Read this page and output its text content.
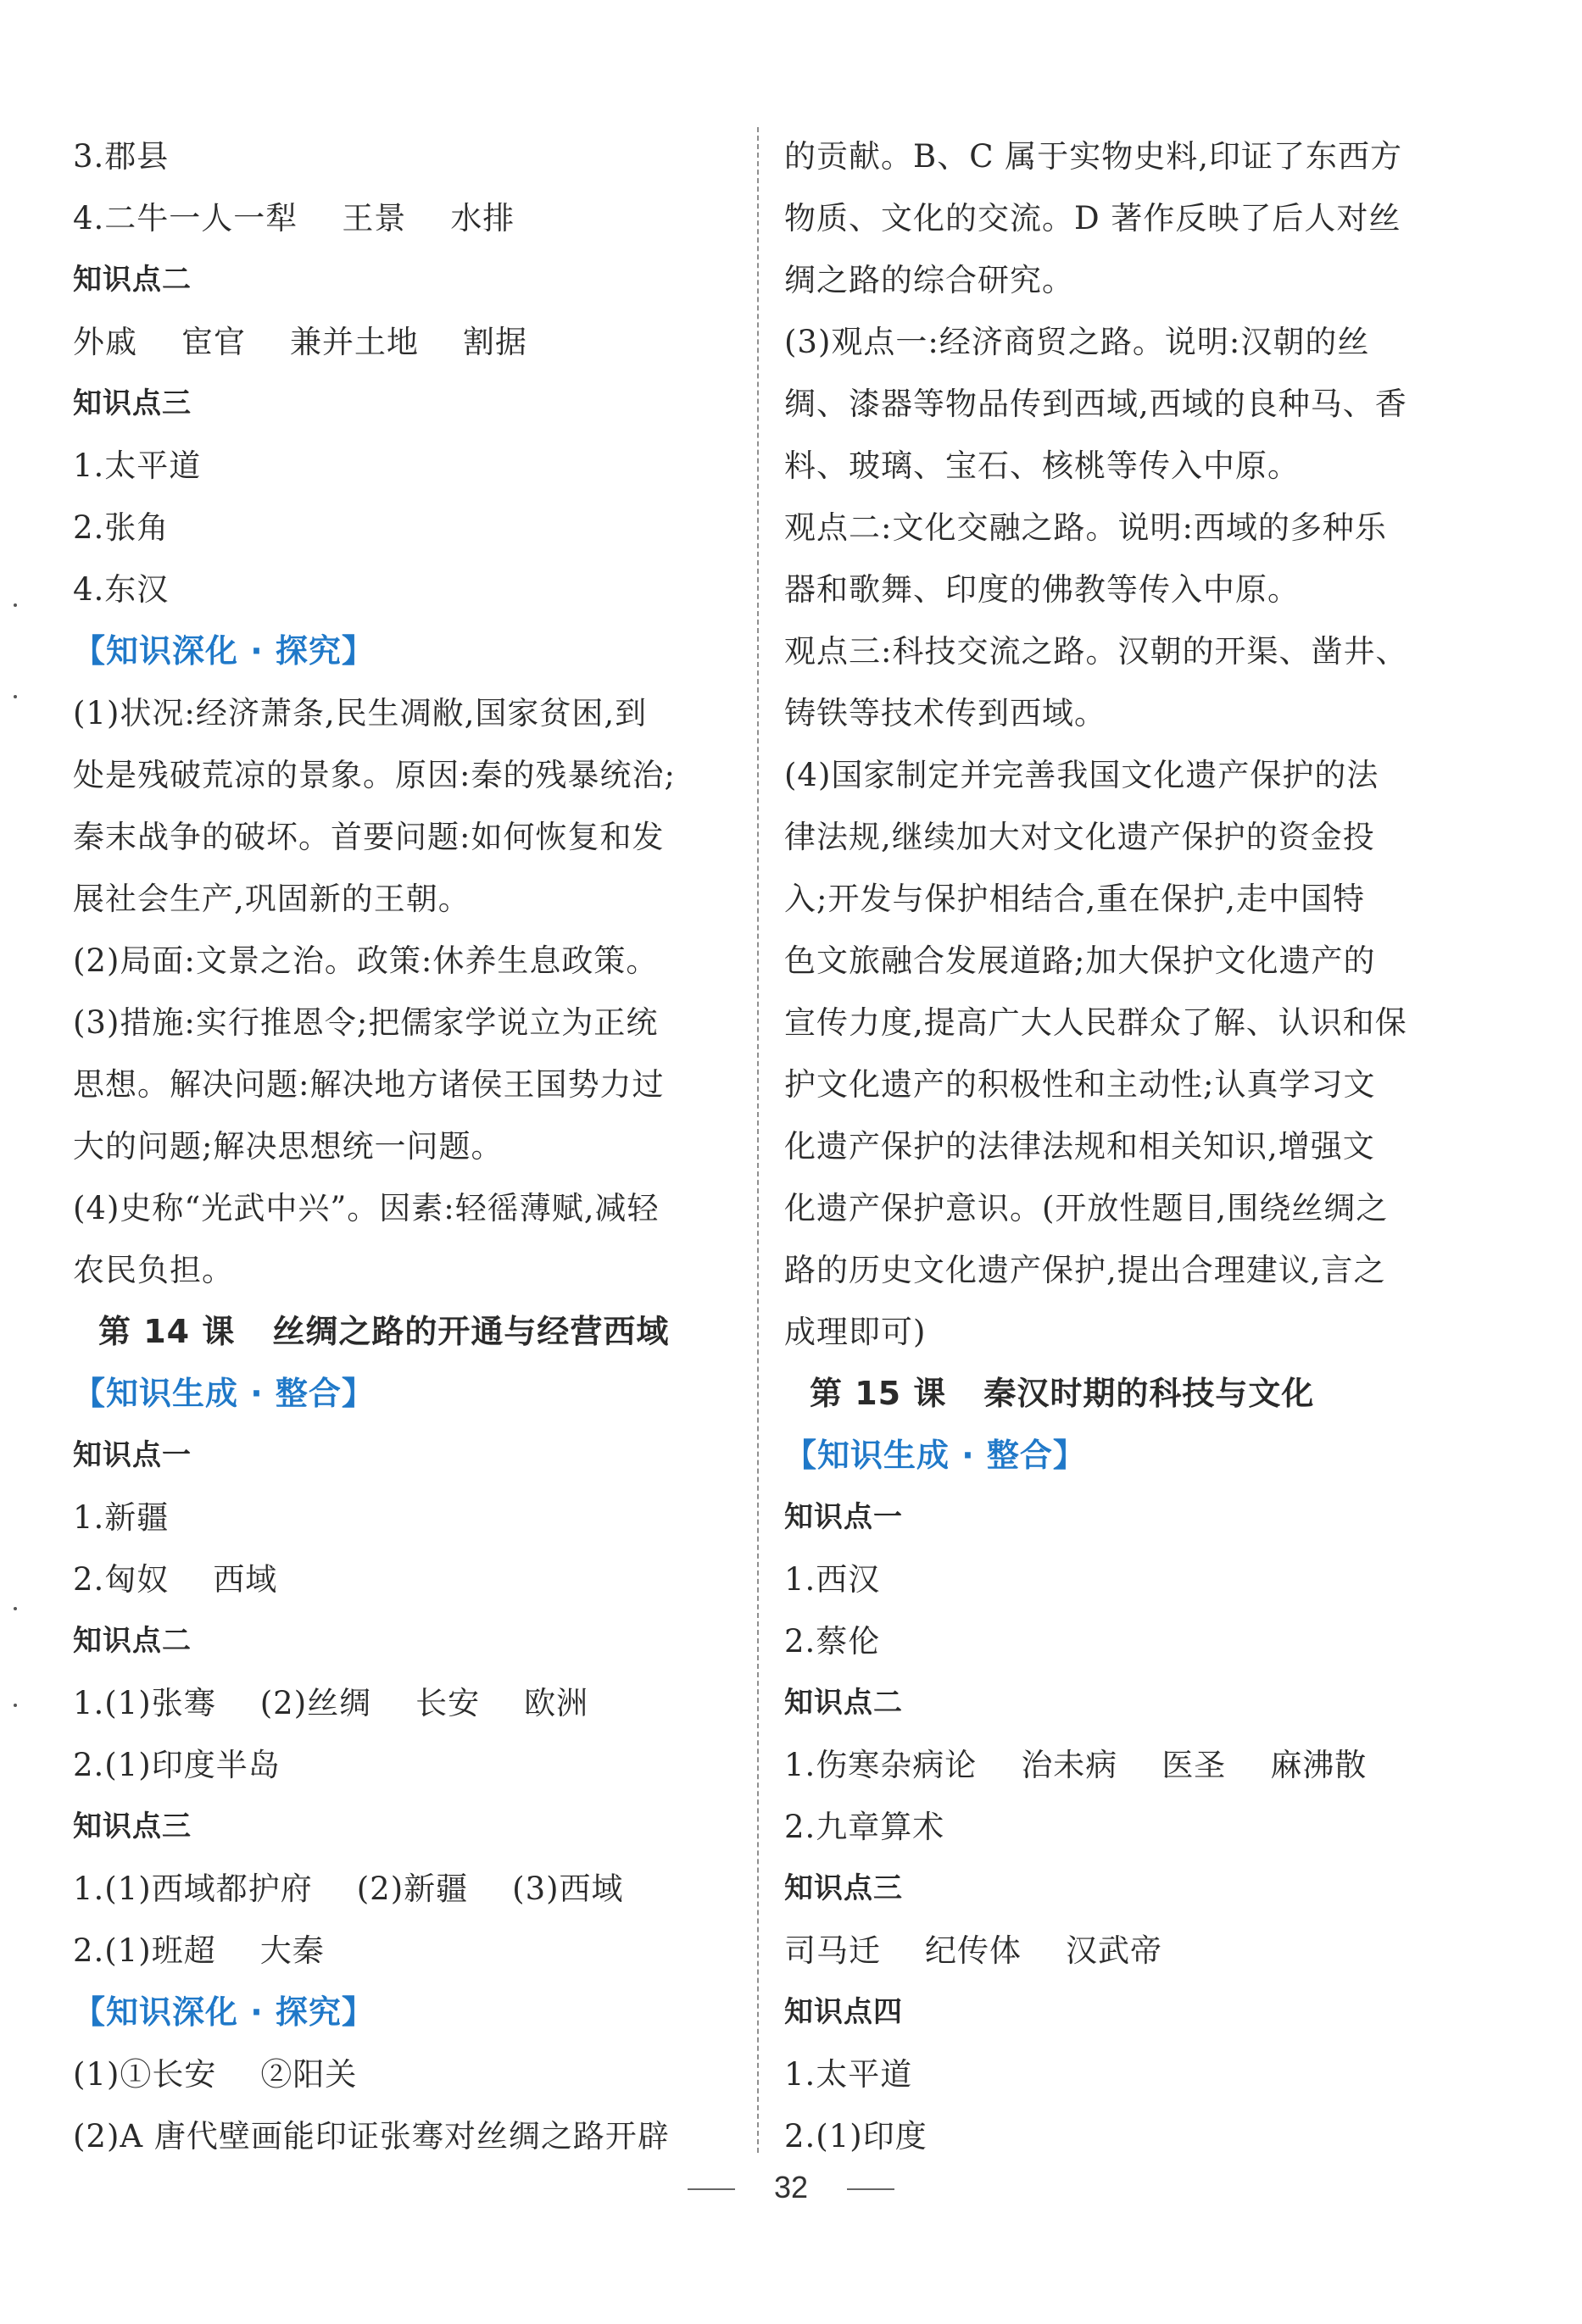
3.郡县
4.二牛一人一犁 王景 水排
知识点二
外戚 宦官 兼并土地 割据
知识点三
1.太平道
2.张角
4.东汉
【知识深化 · 探究】
(1)状况:经济萧条,民生凋敝,国家贫困,到
处是残破荒凉的景象。原因:秦的残暴统治;
秦末战争的破坏。首要问题:如何恢复和发
展社会生产,巩固新的王朝。
(2)局面:文景之治。政策:休养生息政策。
(3)措施:实行推恩令;把儒家学说立为正统
思想。解决问题:解决地方诸侯王国势力过
大的问题;解决思想统一问题。
(4)史称“光武中兴”。因素:轻徭薄赋,减轻
农民负担。
第 14 课 丝绸之路的开通与经营西域
【知识生成 · 整合】
知识点一
1.新疆
2.匈奴 西域
知识点二
1.(1)张骞 (2)丝绸 长安 欧洲
2.(1)印度半岛
知识点三
1.(1)西域都护府 (2)新疆 (3)西域
2.(1)班超 大秦
【知识深化 · 探究】
(1)①长安 ②阳关
(2)A 唐代壁画能印证张骞对丝绸之路开辟
的贡献。B、C 属于实物史料,印证了东西方
物质、文化的交流。D 著作反映了后人对丝
绸之路的综合研究。
(3)观点一:经济商贸之路。说明:汉朝的丝
绸、漆器等物品传到西域,西域的良种马、香
料、玻璃、宝石、核桃等传入中原。
观点二:文化交融之路。说明:西域的多种乐
器和歌舞、印度的佛教等传入中原。
观点三:科技交流之路。汉朝的开渠、凿井、
铸铁等技术传到西域。
(4)国家制定并完善我国文化遗产保护的法
律法规,继续加大对文化遗产保护的资金投
入;开发与保护相结合,重在保护,走中国特
色文旅融合发展道路;加大保护文化遗产的
宣传力度,提高广大人民群众了解、认识和保
护文化遗产的积极性和主动性;认真学习文
化遗产保护的法律法规和相关知识,增强文
化遗产保护意识。(开放性题目,围绕丝绸之
路的历史文化遗产保护,提出合理建议,言之
成理即可)
第 15 课 秦汉时期的科技与文化
【知识生成 · 整合】
知识点一
1.西汉
2.蔡伦
知识点二
1.伤寒杂病论 治未病 医圣 麻沸散
2.九章算术
知识点三
司马迁 纪传体 汉武帝
知识点四
1.太平道
2.(1)印度
32
